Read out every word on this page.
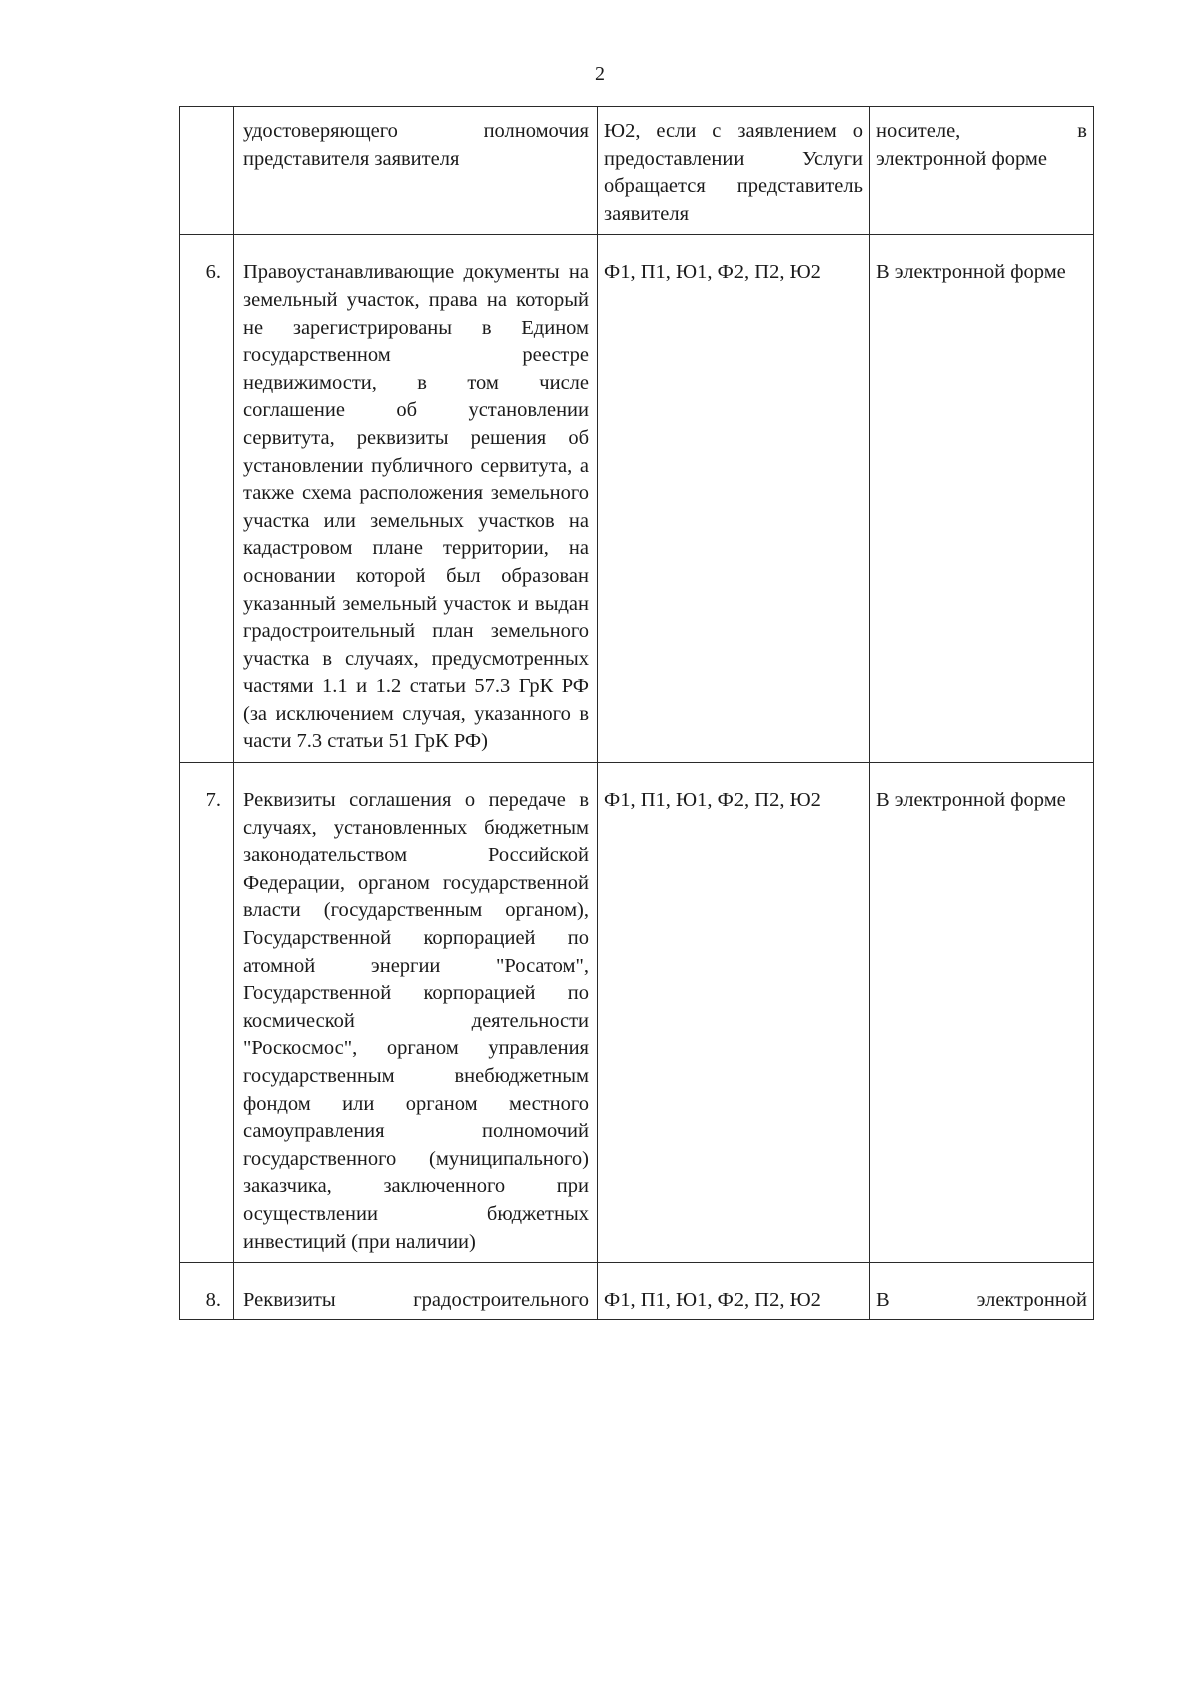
2
	удостоверяющего полномочия представителя заявителя	Ю2, если с заявлением о предоставлении Услуги обращается представитель заявителя	носителе, в электронной форме
6.	Правоустанавливающие документы на земельный участок, права на который не зарегистрированы в Едином государственном реестре недвижимости, в том числе соглашение об установлении сервитута, реквизиты решения об установлении публичного сервитута, а также схема расположения земельного участка или земельных участков на кадастровом плане территории, на основании которой был образован указанный земельный участок и выдан градостроительный план земельного участка в случаях, предусмотренных частями 1.1 и 1.2 статьи 57.3 ГрК РФ (за исключением случая, указанного в части 7.3 статьи 51 ГрК РФ)	Ф1, П1, Ю1, Ф2, П2, Ю2	В электронной форме
7.	Реквизиты соглашения о передаче в случаях, установленных бюджетным законодательством Российской Федерации, органом государственной власти (государственным органом), Государственной корпорацией по атомной энергии "Росатом", Государственной корпорацией по космической деятельности "Роскосмос", органом управления государственным внебюджетным фондом или органом местного самоуправления полномочий государственного (муниципального) заказчика, заключенного при осуществлении бюджетных инвестиций (при наличии)	Ф1, П1, Ю1, Ф2, П2, Ю2	В электронной форме
8.	Реквизиты градостроительного	Ф1, П1, Ю1, Ф2, П2, Ю2	В электронной
